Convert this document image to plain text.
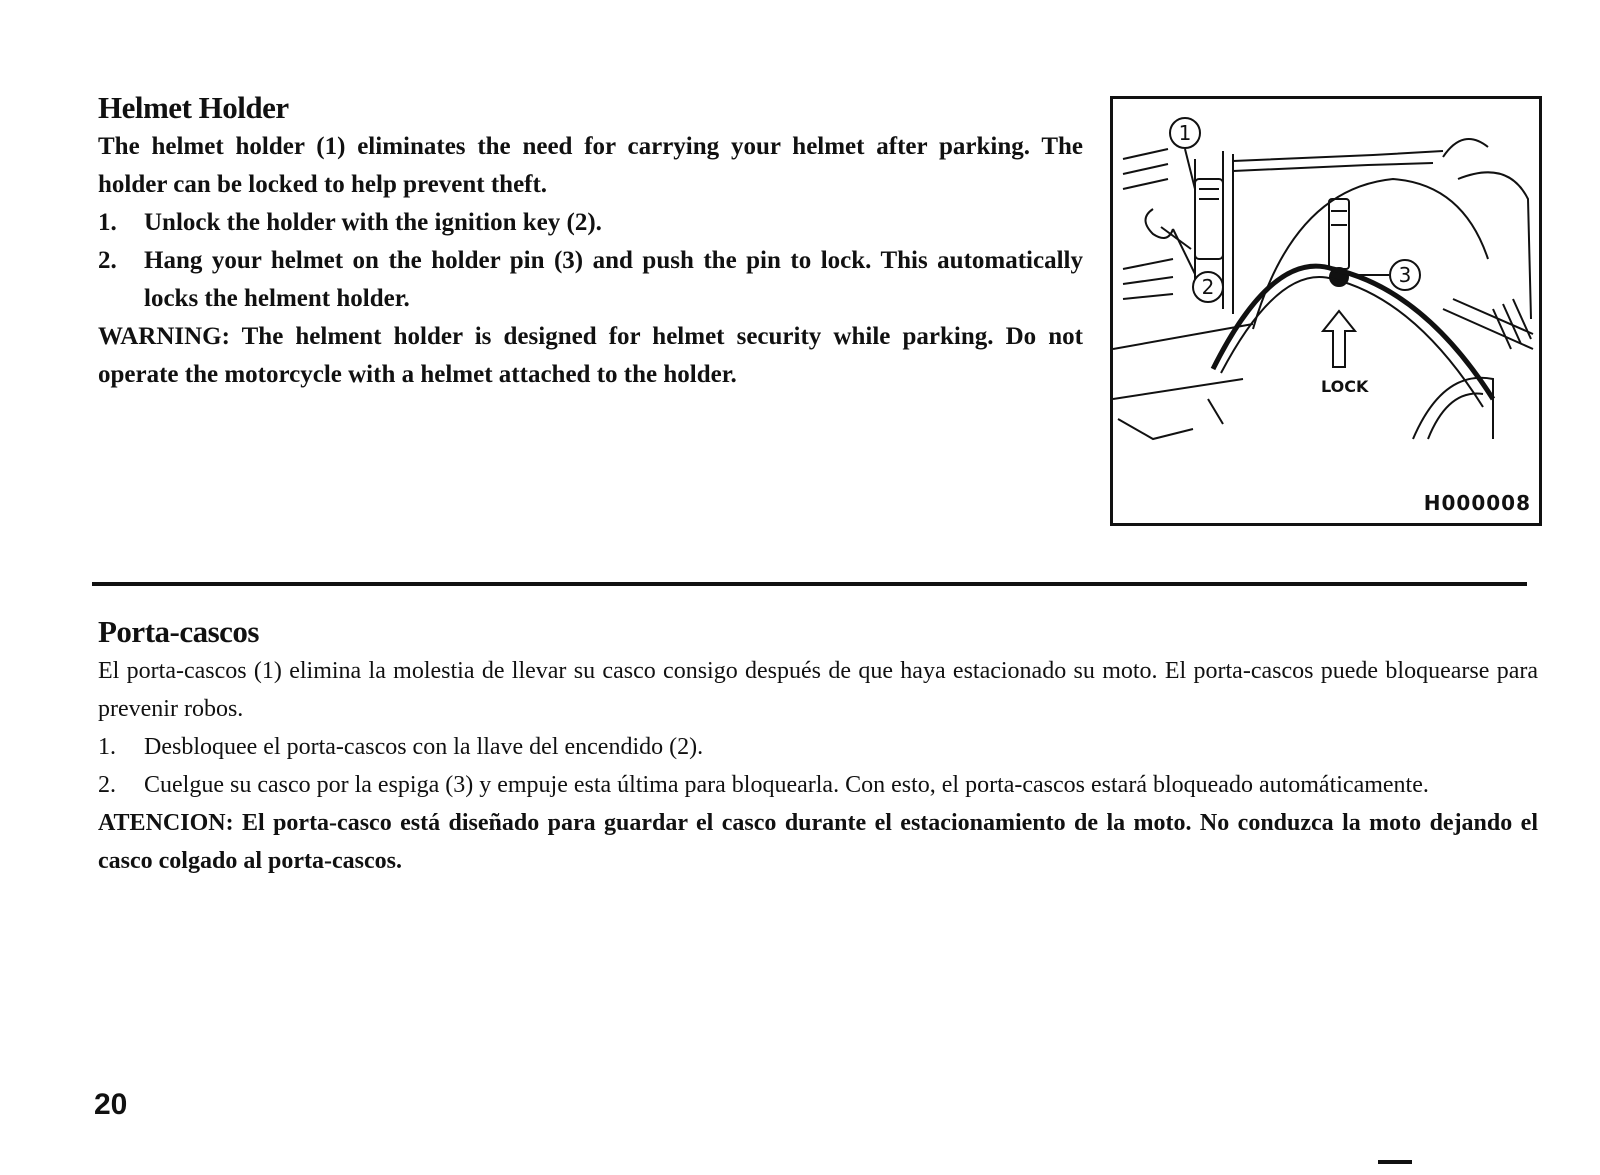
Helmet Holder

The helmet holder (1) eliminates the need for carrying your helmet after parking. The holder can be locked to help prevent theft.

1.	Unlock the holder with the ignition key (2).
2.	Hang your helmet on the holder pin (3) and push the pin to lock. This automatically locks the helment holder.
WARNING: The helment holder is designed for helmet security while parking. Do not operate the motorcycle with a helmet attached to the holder.
1
2	3
LOCK
H000008
Porta-cascos

El porta-cascos (1) elimina la molestia de llevar su casco consigo después de que haya estacionado su moto. El porta-cascos puede bloquearse para prevenir robos.

1.	Desbloquee el porta-cascos con la llave del encendido (2).
2.	Cuelgue su casco por la espiga (3) y empuje esta última para bloquearla. Con esto, el porta-cascos estará bloqueado automáticamente.
ATENCION: El porta-casco está diseñado para guardar el casco durante el estacionamiento de la moto. No conduzca la moto dejando el casco colgado al porta-cascos.
20
